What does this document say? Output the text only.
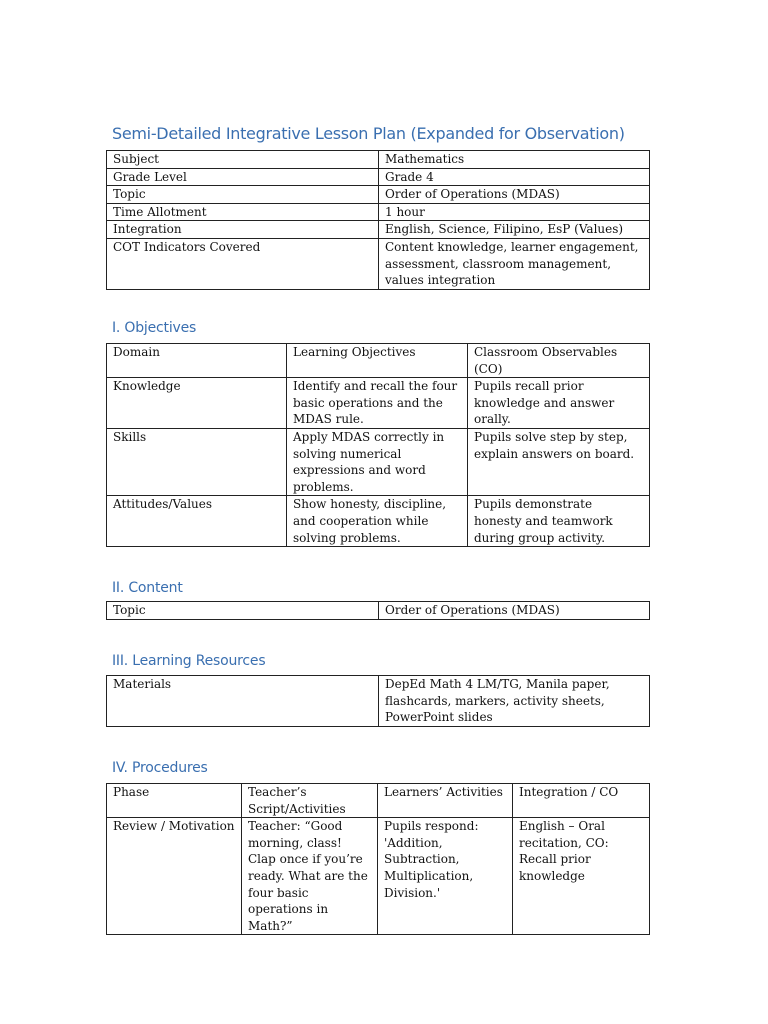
Semi-Detailed Integrative Lesson Plan (Expanded for Observation)
Subject	Mathematics
Grade Level	Grade 4
Topic	Order of Operations (MDAS)
Time Allotment	1 hour
Integration	English, Science, Filipino, EsP (Values)
COT Indicators Covered	Content knowledge, learner engagement, assessment, classroom management, values integration
I. Objectives
Domain	Learning Objectives	Classroom Observables (CO)
Knowledge	Identify and recall the four basic operations and the MDAS rule.	Pupils recall prior knowledge and answer orally.
Skills	Apply MDAS correctly in solving numerical expressions and word problems.	Pupils solve step by step, explain answers on board.
Attitudes/Values	Show honesty, discipline, and cooperation while solving problems.	Pupils demonstrate honesty and teamwork during group activity.
II. Content
Topic	Order of Operations (MDAS)
III. Learning Resources
Materials	DepEd Math 4 LM/TG, Manila paper, flashcards, markers, activity sheets, PowerPoint slides
IV. Procedures
Phase	Teacher’s Script/Activities	Learners’ Activities	Integration / CO
Review / Motivation	Teacher: “Good morning, class! Clap once if you’re ready. What are the four basic operations in Math?”	Pupils respond: 'Addition, Subtraction, Multiplication, Division.'	English – Oral recitation, CO: Recall prior knowledge
